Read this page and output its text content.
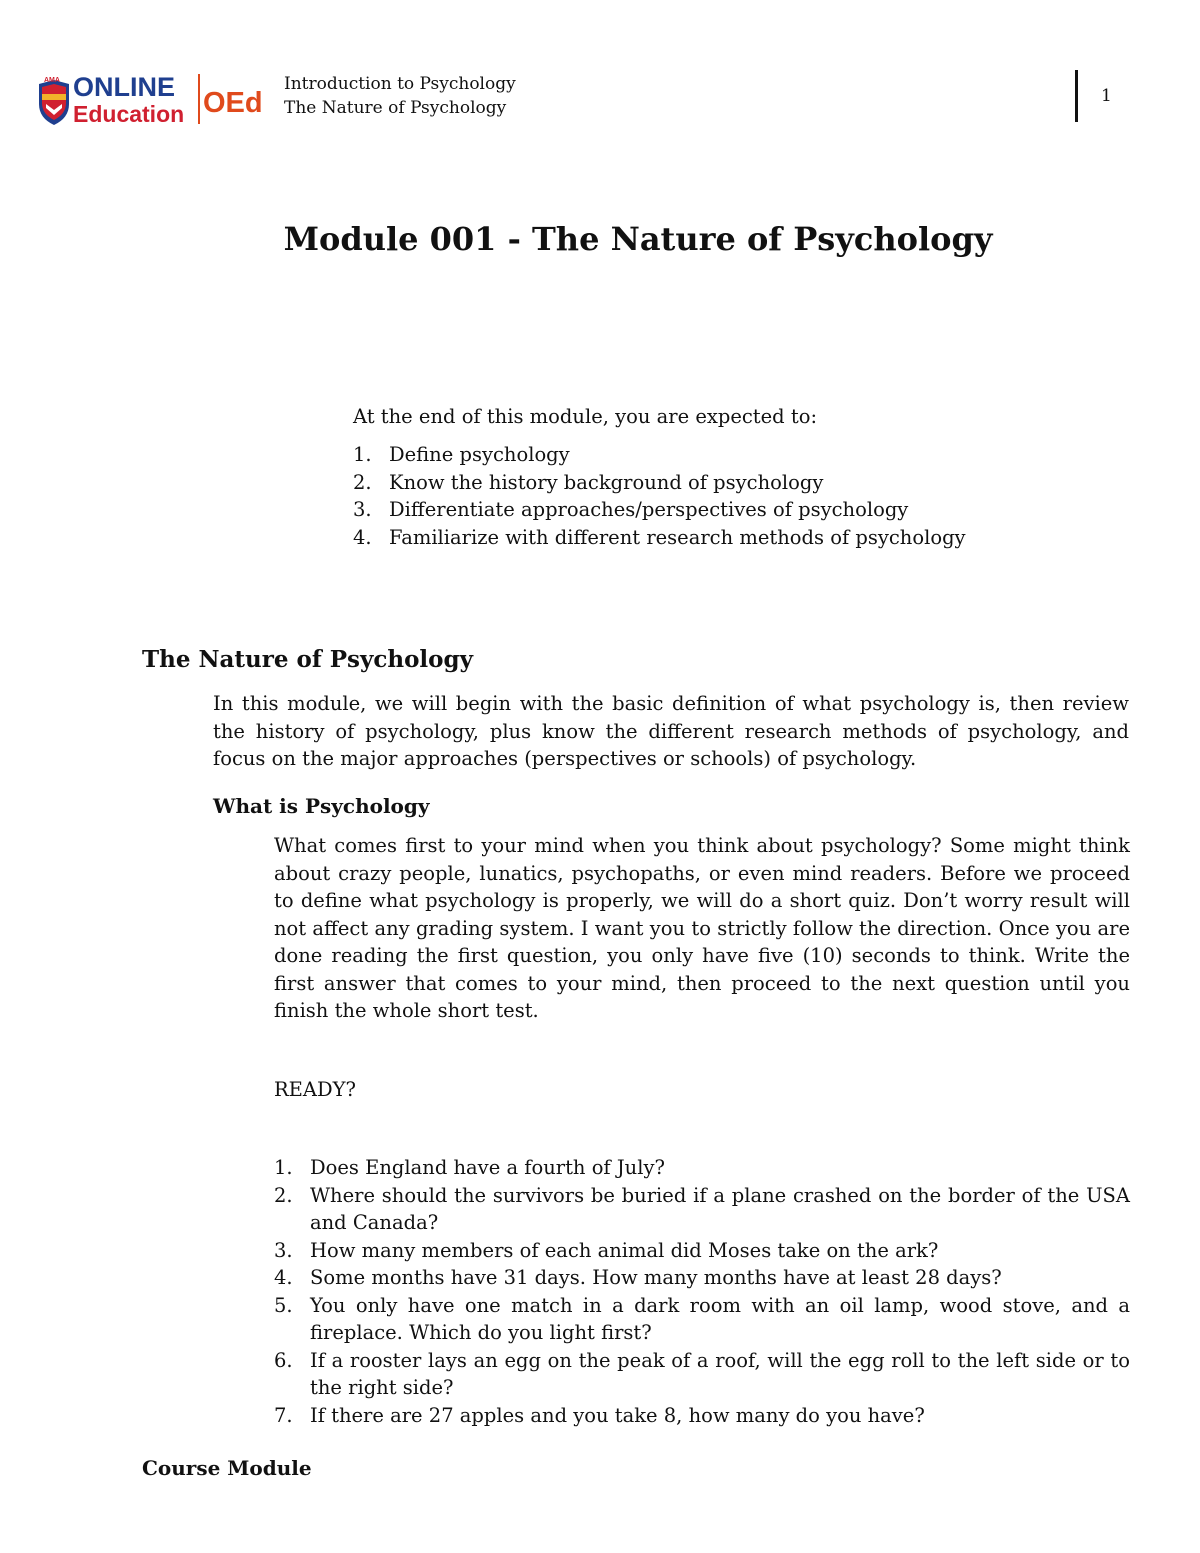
AMA ONLINE
Education OEd
Introduction to Psychology
The Nature of Psychology
1
Module 001 - The Nature of Psychology
At the end of this module, you are expected to:
1. Define psychology
2. Know the history background of psychology
3. Differentiate approaches/perspectives of psychology
4. Familiarize with different research methods of psychology
The Nature of Psychology
In this module, we will begin with the basic definition of what psychology is, then review the history of psychology, plus know the different research methods of psychology, and focus on the major approaches (perspectives or schools) of psychology.
What is Psychology
What comes first to your mind when you think about psychology? Some might think about crazy people, lunatics, psychopaths, or even mind readers. Before we proceed to define what psychology is properly, we will do a short quiz. Don’t worry result will not affect any grading system. I want you to strictly follow the direction. Once you are done reading the first question, you only have five (10) seconds to think. Write the first answer that comes to your mind, then proceed to the next question until you finish the whole short test.
READY?
1. Does England have a fourth of July?
2. Where should the survivors be buried if a plane crashed on the border of the USA and Canada?
3. How many members of each animal did Moses take on the ark?
4. Some months have 31 days. How many months have at least 28 days?
5. You only have one match in a dark room with an oil lamp, wood stove, and a fireplace. Which do you light first?
6. If a rooster lays an egg on the peak of a roof, will the egg roll to the left side or to the right side?
7. If there are 27 apples and you take 8, how many do you have?
Course Module
